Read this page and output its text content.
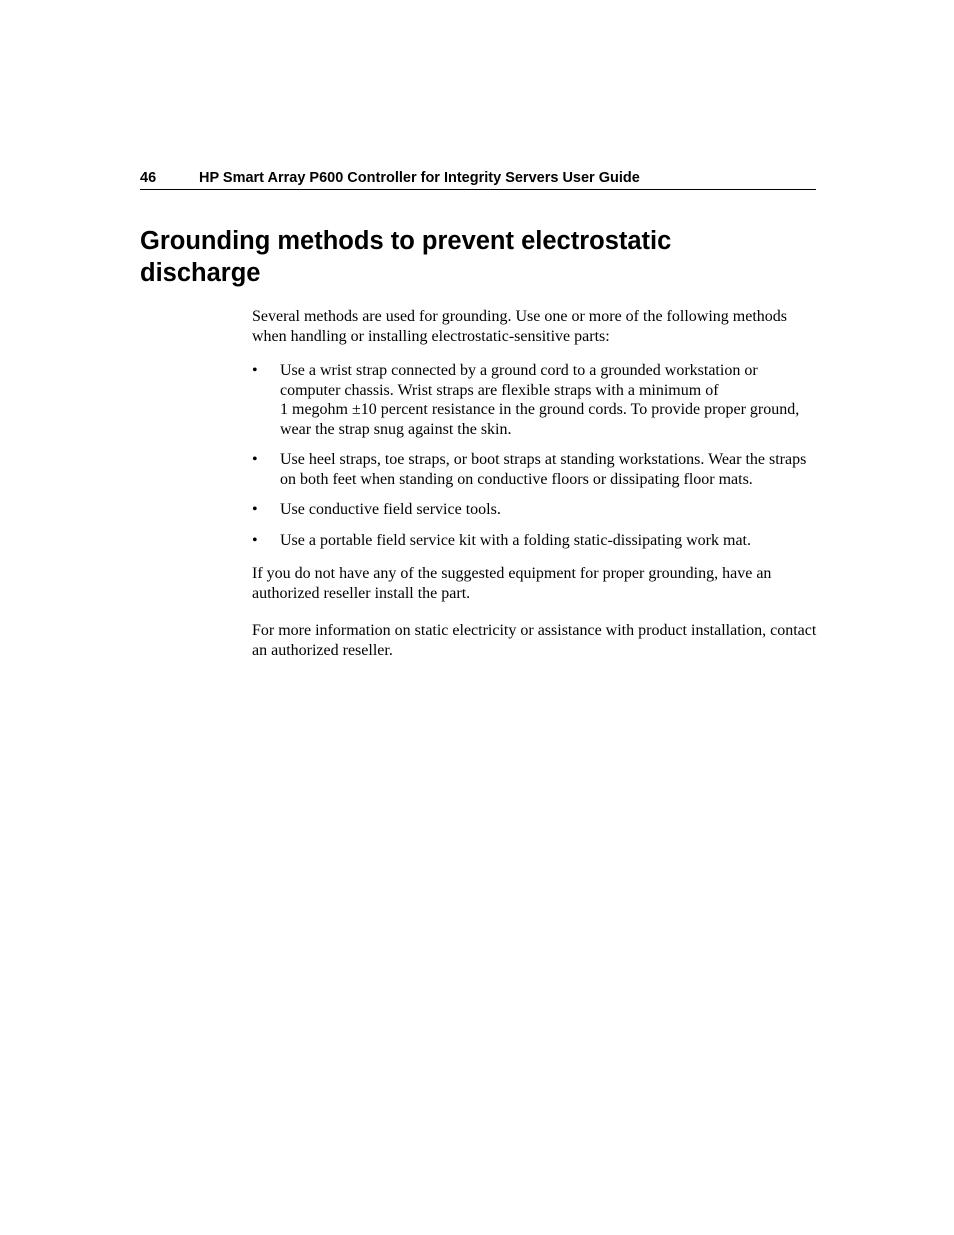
46	HP Smart Array P600 Controller for Integrity Servers User Guide
Grounding methods to prevent electrostatic
discharge

Several methods are used for grounding. Use one or more of the following methods when handling or installing electrostatic-sensitive parts:

• Use a wrist strap connected by a ground cord to a grounded workstation or computer chassis. Wrist straps are flexible straps with a minimum of
1 megohm ±10 percent resistance in the ground cords. To provide proper ground, wear the strap snug against the skin.
• Use heel straps, toe straps, or boot straps at standing workstations. Wear the straps on both feet when standing on conductive floors or dissipating floor mats.
• Use conductive field service tools.
• Use a portable field service kit with a folding static-dissipating work mat.

If you do not have any of the suggested equipment for proper grounding, have an authorized reseller install the part.

For more information on static electricity or assistance with product installation, contact an authorized reseller.
